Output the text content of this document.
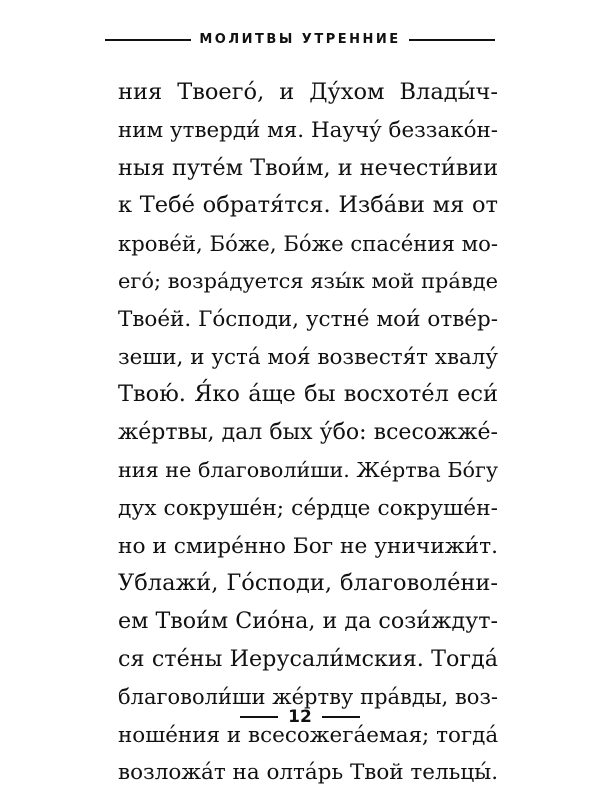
МОЛИТВЫ УТРЕННИЕ
ния Твоего́, и Ду́хом Влады́ч-
ним утверди́ мя. Научу́ беззако́н-
ныя путе́м Твои́м, и нечести́вии
к Тебе́ обратя́тся. Изба́ви мя от
крове́й, Бо́же, Бо́же спасе́ния мо-
его́; возра́дуется язы́к мой пра́вде
Твое́й. Го́споди, устне́ мои́ отве́р-
зеши, и уста́ моя́ возвестя́т хвалу́
Твою́. Я́ко а́ще бы восхоте́л еси́
же́ртвы, дал бых у́бо: всесожже́-
ния не благоволи́ши. Же́ртва Бо́гу
дух сокруше́н; се́рдце сокруше́н-
но и смире́нно Бог не уничижи́т.
Ублажи́, Го́споди, благоволе́ни-
ем Твои́м Сио́на, и да сози́ждут-
ся сте́ны Иерусали́мския. Тогда́
благоволи́ши же́ртву пра́вды, воз-
ноше́ния и всесожега́емая; тогда́
возложа́т на олта́рь Твой тельцы́.
12
